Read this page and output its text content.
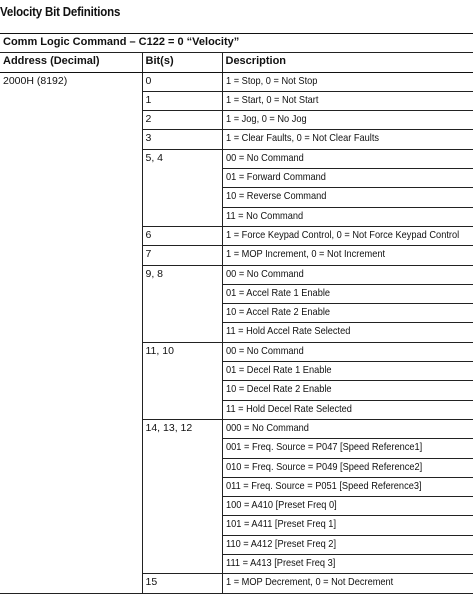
Velocity Bit Definitions
Comm Logic Command – C122 = 0 “Velocity”		
Address (Decimal)	Bit(s)	Description
2000H (8192)	0	1 = Stop, 0 = Not Stop
	1	1 = Start, 0 = Not Start
	2	1 = Jog, 0 = No Jog
	3	1 = Clear Faults, 0 = Not Clear Faults
	5, 4	00 = No Command
		01 = Forward Command
		10 = Reverse Command
		11 = No Command
	6	1 = Force Keypad Control, 0 = Not Force Keypad Control
	7	1 = MOP Increment, 0 = Not Increment
	9, 8	00 = No Command
		01 = Accel Rate 1 Enable
		10 = Accel Rate 2 Enable
		11 = Hold Accel Rate Selected
	11, 10	00 = No Command
		01 = Decel Rate 1 Enable
		10 = Decel Rate 2 Enable
		11 = Hold Decel Rate Selected
	14, 13, 12	000 = No Command
		001 = Freq. Source = P047 [Speed Reference1]
		010 = Freq. Source = P049 [Speed Reference2]
		011 = Freq. Source = P051 [Speed Reference3]
		100 = A410 [Preset Freq 0]
		101 = A411 [Preset Freq 1]
		110 = A412 [Preset Freq 2]
		111 = A413 [Preset Freq 3]
	15	1 = MOP Decrement, 0 = Not Decrement
